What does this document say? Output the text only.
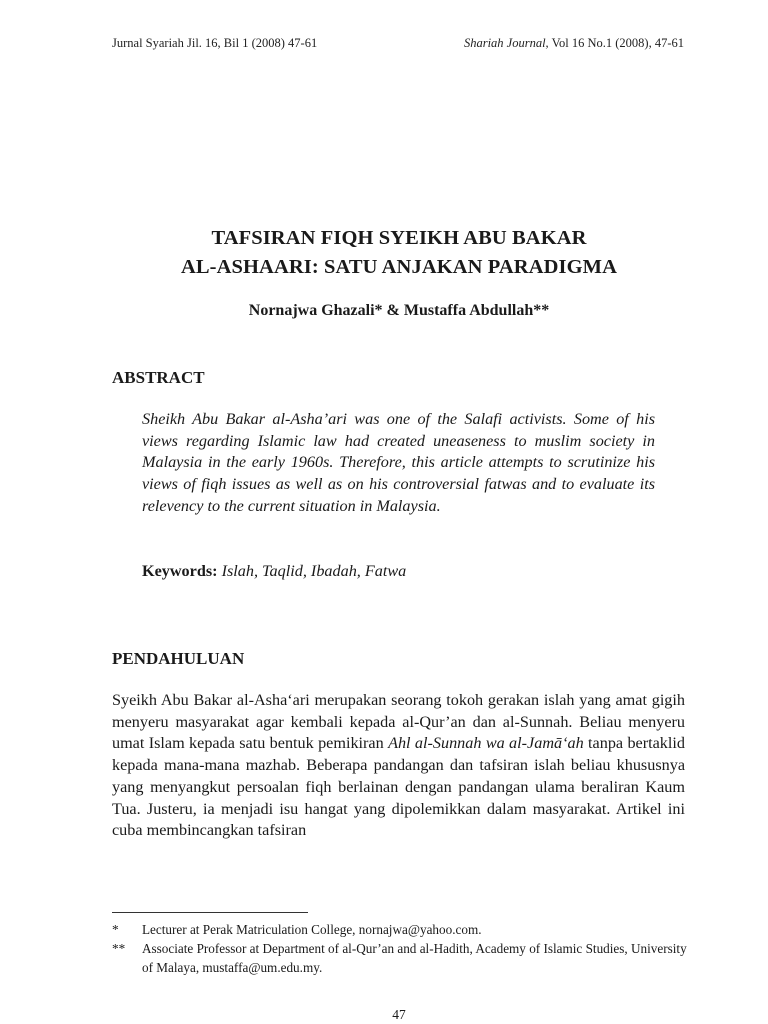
Jurnal Syariah Jil. 16, Bil 1 (2008) 47-61	Shariah Journal, Vol 16 No.1 (2008), 47-61
TAFSIRAN FIQH SYEIKH ABU BAKAR
AL-ASHAARI: SATU ANJAKAN PARADIGMA
Nornajwa Ghazali* & Mustaffa Abdullah**
ABSTRACT
Sheikh Abu Bakar al-Asha’ari was one of the Salafi activists. Some of his views regarding Islamic law had created uneaseness to muslim society in Malaysia in the early 1960s. Therefore, this article attempts to scrutinize his views of fiqh issues as well as on his controversial fatwas and to evaluate its relevency to the current situation in Malaysia.
Keywords: Islah, Taqlid, Ibadah, Fatwa
PENDAHULUAN
Syeikh Abu Bakar al-Asha‘ari merupakan seorang tokoh gerakan islah yang amat gigih menyeru masyarakat agar kembali kepada al-Qur’an dan al-Sunnah. Beliau menyeru umat Islam kepada satu bentuk pemikiran Ahl al-Sunnah wa al-Jamā‘ah tanpa bertaklid kepada mana-mana mazhab. Beberapa pandangan dan tafsiran islah beliau khususnya yang menyangkut persoalan fiqh berlainan dengan pandangan ulama beraliran Kaum Tua. Justeru, ia menjadi isu hangat yang dipolemikkan dalam masyarakat. Artikel ini cuba membincangkan tafsiran
*	Lecturer at Perak Matriculation College, nornajwa@yahoo.com.
**	Associate Professor at Department of al-Qur’an and al-Hadith, Academy of Islamic Studies, University of Malaya, mustaffa@um.edu.my.
47
